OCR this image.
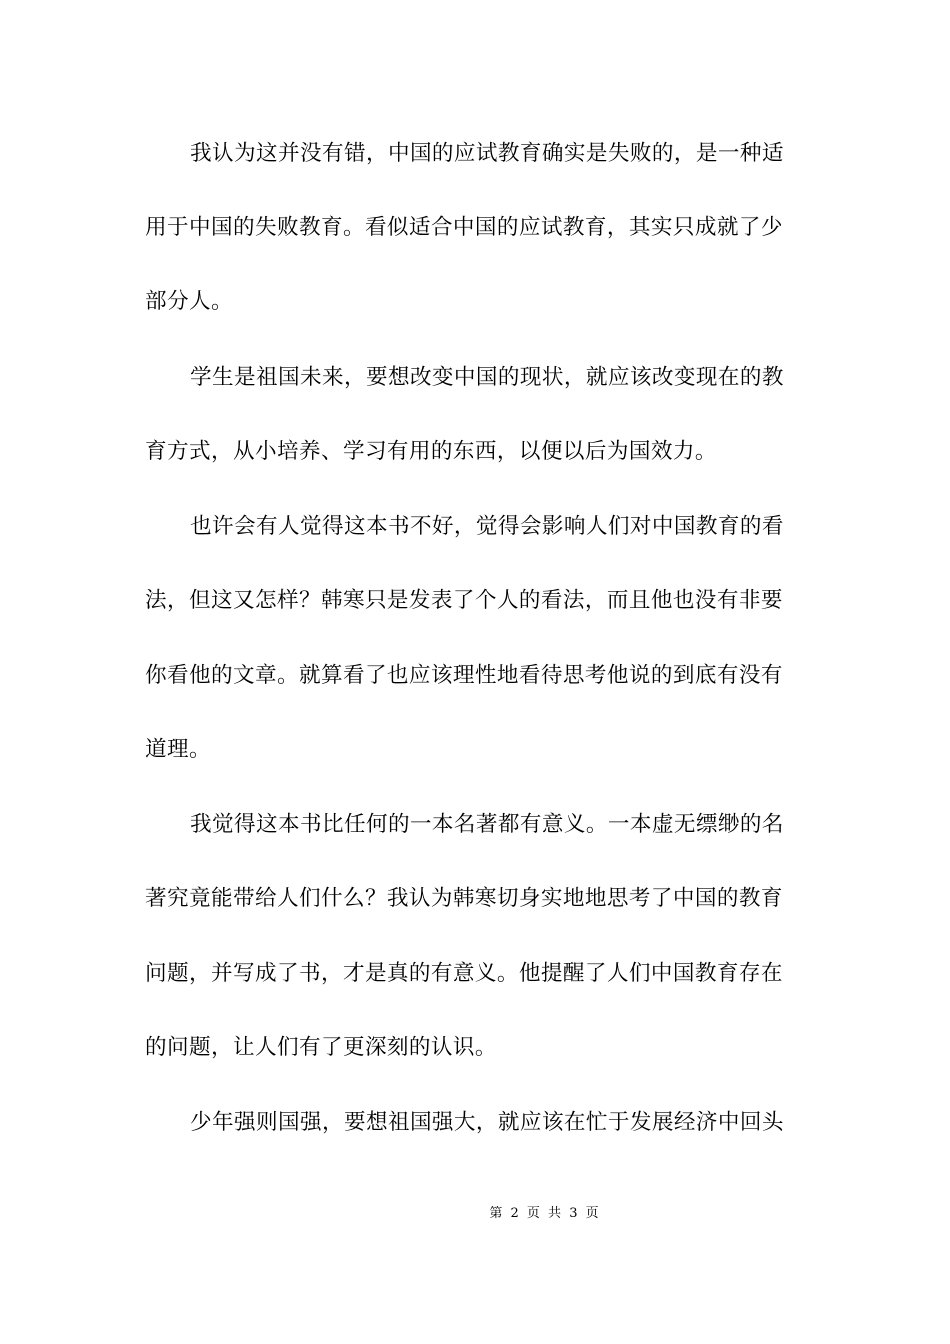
我认为这并没有错，中国的应试教育确实是失败的，是一种适
用于中国的失败教育。看似适合中国的应试教育，其实只成就了少
部分人。
学生是祖国未来，要想改变中国的现状，就应该改变现在的教
育方式，从小培养、学习有用的东西，以便以后为国效力。
也许会有人觉得这本书不好，觉得会影响人们对中国教育的看
法，但这又怎样？韩寒只是发表了个人的看法，而且他也没有非要
你看他的文章。就算看了也应该理性地看待思考他说的到底有没有
道理。
我觉得这本书比任何的一本名著都有意义。一本虚无缥缈的名
著究竟能带给人们什么？我认为韩寒切身实地地思考了中国的教育
问题，并写成了书，才是真的有意义。他提醒了人们中国教育存在
的问题，让人们有了更深刻的认识。
少年强则国强，要想祖国强大，就应该在忙于发展经济中回头
第 2 页 共 3 页
